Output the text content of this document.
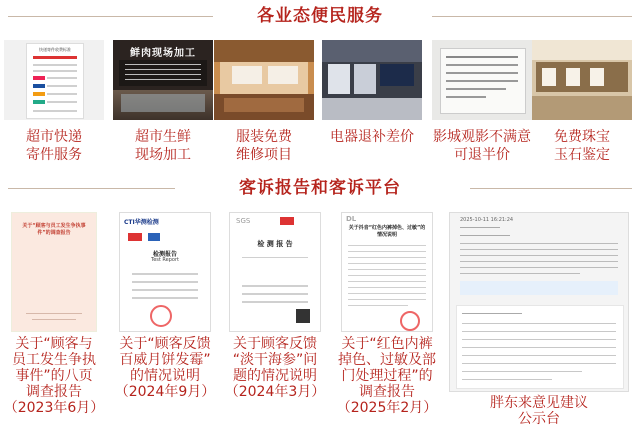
各业态便民服务
快递寄件收费标准
超市快递
寄件服务
鲜肉现场加工
超市生鲜
现场加工
服装免费
维修项目
电器退补差价	影城观影不满意
可退半价
免费珠宝
玉石鉴定
客诉报告和客诉平台
关于“顾客与员工发生争执事件”的调查报告
关于“顾客与
员工发生争执
事件”的八页
调查报告
（2023年6月）
CTI华测检测
检测报告
Test Report
关于“顾客反馈
百威月饼发霉”
的情况说明
（2024年9月）
SGS
检 测 报 告
关于顾客反馈
“淡干海参”问
题的情况说明
（2024年3月）
DL
关于抖音“红色内裤掉色、过敏”的情况说明
关于“红色内裤
掉色、过敏及部
门处理过程”的
调查报告
（2025年2月）
2025-10-11 16:21:24
胖东来意见建议
公示台
